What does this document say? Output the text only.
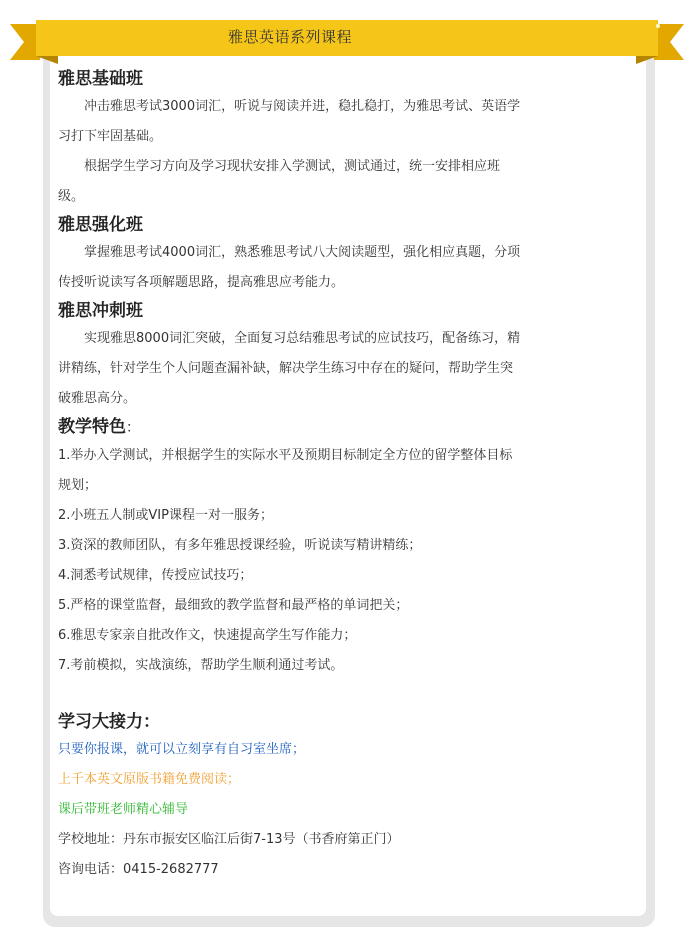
雅思英语系列课程
雅思基础班

冲击雅思考试3000词汇，听说与阅读并进，稳扎稳打，为雅思考试、英语学习打下牢固基础。

根据学生学习方向及学习现状安排入学测试，测试通过，统一安排相应班级。

雅思强化班

掌握雅思考试4000词汇，熟悉雅思考试八大阅读题型，强化相应真题，分项传授听说读写各项解题思路，提高雅思应考能力。

雅思冲刺班

实现雅思8000词汇突破，全面复习总结雅思考试的应试技巧，配备练习，精讲精练，针对学生个人问题查漏补缺，解决学生练习中存在的疑问，帮助学生突破雅思高分。

教学特色：

1.举办入学测试，并根据学生的实际水平及预期目标制定全方位的留学整体目标规划；

2.小班五人制或VIP课程一对一服务；

3.资深的教师团队，有多年雅思授课经验，听说读写精讲精练；

4.洞悉考试规律，传授应试技巧；

5.严格的课堂监督，最细致的教学监督和最严格的单词把关；

6.雅思专家亲自批改作文，快速提高学生写作能力；

7.考前模拟，实战演练，帮助学生顺利通过考试。

学习大接力：

只要你报课，就可以立刻享有自习室坐席；

上千本英文原版书籍免费阅读；

课后带班老师精心辅导

学校地址：丹东市振安区临江后街7-13号（书香府第正门）

咨询电话：0415-2682777
